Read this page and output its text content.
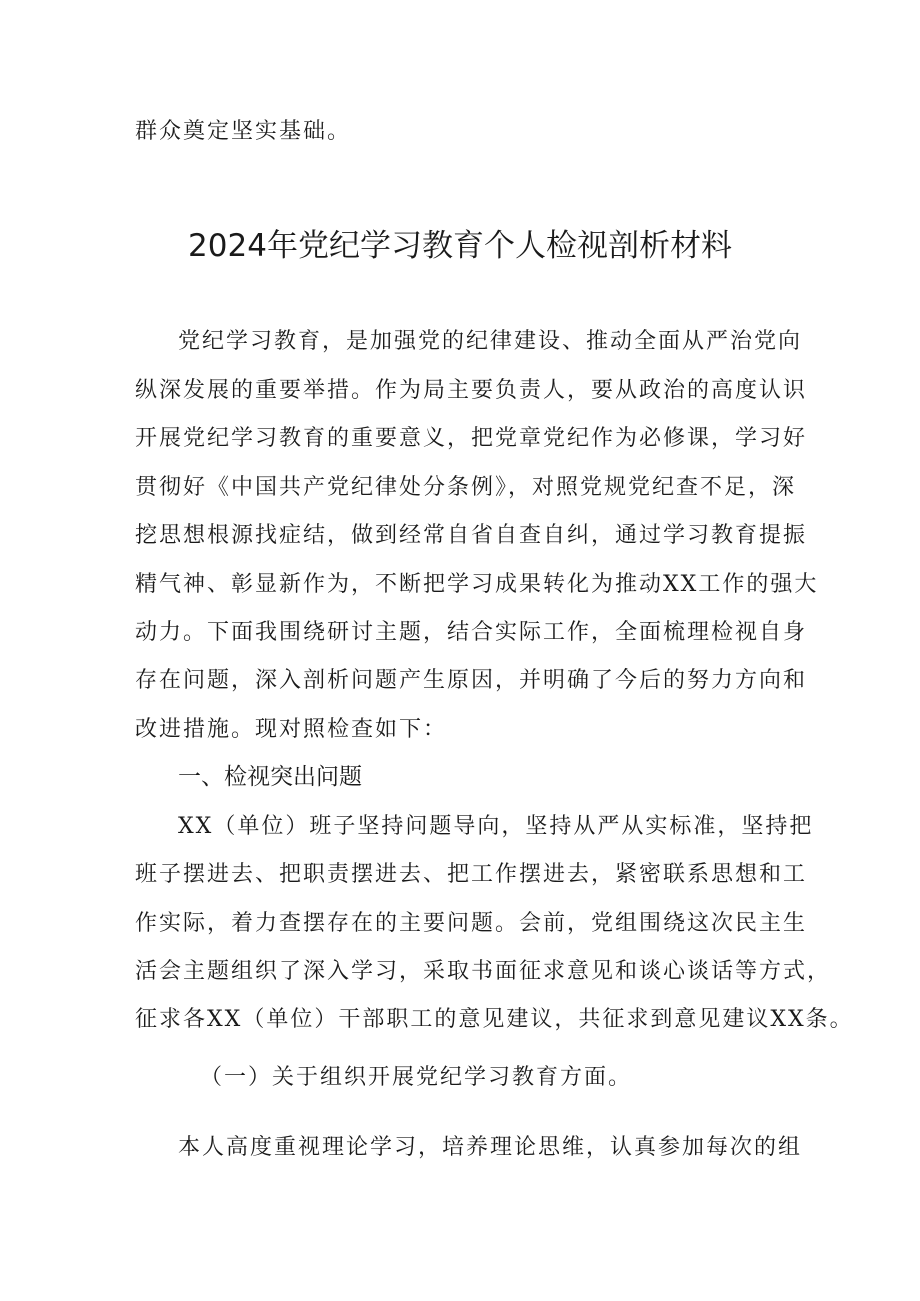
群众奠定坚实基础。
2024年党纪学习教育个人检视剖析材料
党纪学习教育，是加强党的纪律建设、推动全面从严治党向
纵深发展的重要举措。作为局主要负责人，要从政治的高度认识
开展党纪学习教育的重要意义，把党章党纪作为必修课，学习好
贯彻好《中国共产党纪律处分条例》，对照党规党纪查不足，深
挖思想根源找症结，做到经常自省自查自纠，通过学习教育提振
精气神、彰显新作为，不断把学习成果转化为推动XX工作的强大
动力。下面我围绕研讨主题，结合实际工作，全面梳理检视自身
存在问题，深入剖析问题产生原因，并明确了今后的努力方向和
改进措施。现对照检查如下：
一、检视突出问题
XX（单位）班子坚持问题导向，坚持从严从实标准，坚持把
班子摆进去、把职责摆进去、把工作摆进去，紧密联系思想和工
作实际，着力查摆存在的主要问题。会前，党组围绕这次民主生
活会主题组织了深入学习，采取书面征求意见和谈心谈话等方式，
征求各XX（单位）干部职工的意见建议，共征求到意见建议XX条。
（一）关于组织开展党纪学习教育方面。
本人高度重视理论学习，培养理论思维，认真参加每次的组
